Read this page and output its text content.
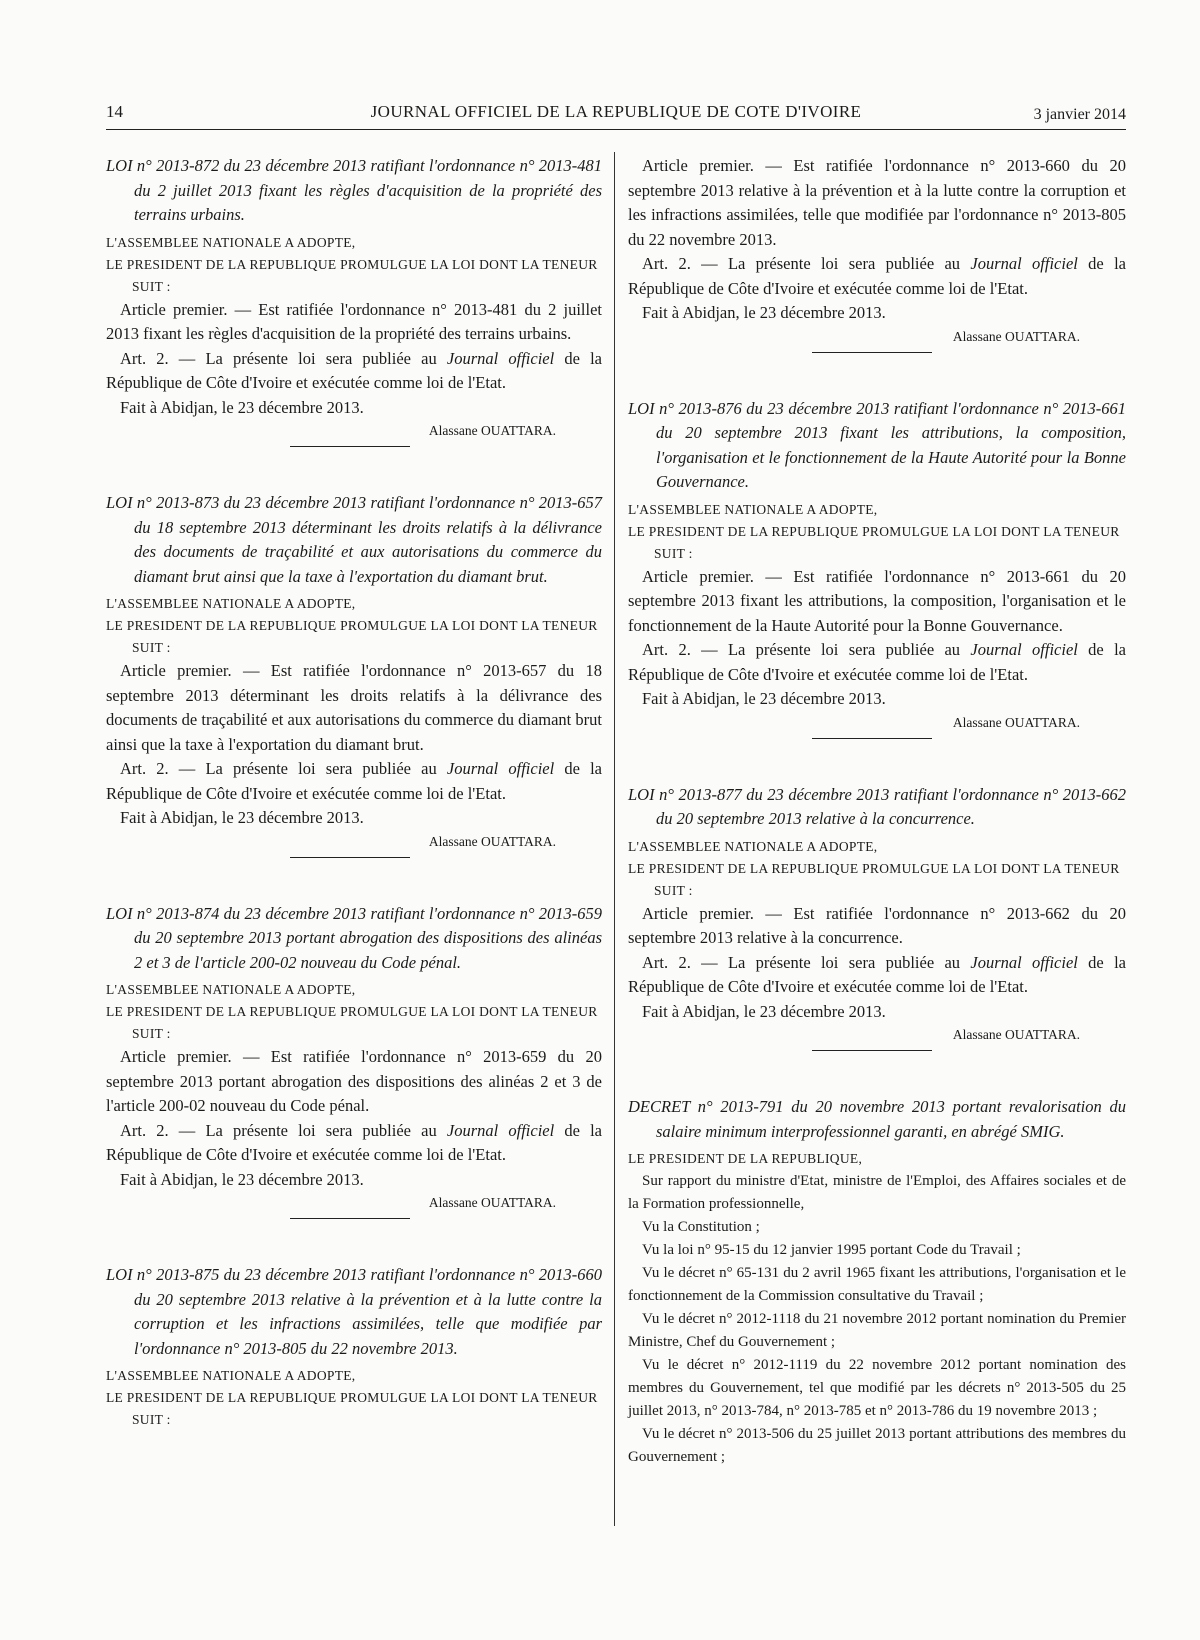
14	JOURNAL OFFICIEL DE LA REPUBLIQUE DE COTE D'IVOIRE	3 janvier 2014

LOI n° 2013-872 du 23 décembre 2013 ratifiant l'ordonnance n° 2013-481 du 2 juillet 2013 fixant les règles d'acquisition de la propriété des terrains urbains.

L'ASSEMBLEE NATIONALE A ADOPTE,

LE PRESIDENT DE LA REPUBLIQUE PROMULGUE LA LOI DONT LA TENEUR SUIT :

Article premier. — Est ratifiée l'ordonnance n° 2013-481 du 2 juillet 2013 fixant les règles d'acquisition de la propriété des terrains urbains.

Art. 2. — La présente loi sera publiée au Journal officiel de la République de Côte d'Ivoire et exécutée comme loi de l'Etat.

Fait à Abidjan, le 23 décembre 2013.

Alassane OUATTARA.

LOI n° 2013-873 du 23 décembre 2013 ratifiant l'ordonnance n° 2013-657 du 18 septembre 2013 déterminant les droits relatifs à la délivrance des documents de traçabilité et aux autorisations du commerce du diamant brut ainsi que la taxe à l'exportation du diamant brut.

L'ASSEMBLEE NATIONALE A ADOPTE,

LE PRESIDENT DE LA REPUBLIQUE PROMULGUE LA LOI DONT LA TENEUR SUIT :

Article premier. — Est ratifiée l'ordonnance n° 2013-657 du 18 septembre 2013 déterminant les droits relatifs à la délivrance des documents de traçabilité et aux autorisations du commerce du diamant brut ainsi que la taxe à l'exportation du diamant brut.

Art. 2. — La présente loi sera publiée au Journal officiel de la République de Côte d'Ivoire et exécutée comme loi de l'Etat.

Fait à Abidjan, le 23 décembre 2013.

Alassane OUATTARA.

LOI n° 2013-874 du 23 décembre 2013 ratifiant l'ordonnance n° 2013-659 du 20 septembre 2013 portant abrogation des dispositions des alinéas 2 et 3 de l'article 200-02 nouveau du Code pénal.

L'ASSEMBLEE NATIONALE A ADOPTE,

LE PRESIDENT DE LA REPUBLIQUE PROMULGUE LA LOI DONT LA TENEUR SUIT :

Article premier. — Est ratifiée l'ordonnance n° 2013-659 du 20 septembre 2013 portant abrogation des dispositions des alinéas 2 et 3 de l'article 200-02 nouveau du Code pénal.

Art. 2. — La présente loi sera publiée au Journal officiel de la République de Côte d'Ivoire et exécutée comme loi de l'Etat.

Fait à Abidjan, le 23 décembre 2013.

Alassane OUATTARA.

LOI n° 2013-875 du 23 décembre 2013 ratifiant l'ordonnance n° 2013-660 du 20 septembre 2013 relative à la prévention et à la lutte contre la corruption et les infractions assimilées, telle que modifiée par l'ordonnance n° 2013-805 du 22 novembre 2013.

L'ASSEMBLEE NATIONALE A ADOPTE,

LE PRESIDENT DE LA REPUBLIQUE PROMULGUE LA LOI DONT LA TENEUR SUIT :

Article premier. — Est ratifiée l'ordonnance n° 2013-660 du 20 septembre 2013 relative à la prévention et à la lutte contre la corruption et les infractions assimilées, telle que modifiée par l'ordonnance n° 2013-805 du 22 novembre 2013.

Art. 2. — La présente loi sera publiée au Journal officiel de la République de Côte d'Ivoire et exécutée comme loi de l'Etat.

Fait à Abidjan, le 23 décembre 2013.

Alassane OUATTARA.

LOI n° 2013-876 du 23 décembre 2013 ratifiant l'ordonnance n° 2013-661 du 20 septembre 2013 fixant les attributions, la composition, l'organisation et le fonctionnement de la Haute Autorité pour la Bonne Gouvernance.

L'ASSEMBLEE NATIONALE A ADOPTE,

LE PRESIDENT DE LA REPUBLIQUE PROMULGUE LA LOI DONT LA TENEUR SUIT :

Article premier. — Est ratifiée l'ordonnance n° 2013-661 du 20 septembre 2013 fixant les attributions, la composition, l'organisation et le fonctionnement de la Haute Autorité pour la Bonne Gouvernance.

Art. 2. — La présente loi sera publiée au Journal officiel de la République de Côte d'Ivoire et exécutée comme loi de l'Etat.

Fait à Abidjan, le 23 décembre 2013.

Alassane OUATTARA.

LOI n° 2013-877 du 23 décembre 2013 ratifiant l'ordonnance n° 2013-662 du 20 septembre 2013 relative à la concurrence.

L'ASSEMBLEE NATIONALE A ADOPTE,

LE PRESIDENT DE LA REPUBLIQUE PROMULGUE LA LOI DONT LA TENEUR SUIT :

Article premier. — Est ratifiée l'ordonnance n° 2013-662 du 20 septembre 2013 relative à la concurrence.

Art. 2. — La présente loi sera publiée au Journal officiel de la République de Côte d'Ivoire et exécutée comme loi de l'Etat.

Fait à Abidjan, le 23 décembre 2013.

Alassane OUATTARA.

DECRET n° 2013-791 du 20 novembre 2013 portant revalorisation du salaire minimum interprofessionnel garanti, en abrégé SMIG.

LE PRESIDENT DE LA REPUBLIQUE,

Sur rapport du ministre d'Etat, ministre de l'Emploi, des Affaires sociales et de la Formation professionnelle,

Vu la Constitution ;

Vu la loi n° 95-15 du 12 janvier 1995 portant Code du Travail ;

Vu le décret n° 65-131 du 2 avril 1965 fixant les attributions, l'organisation et le fonctionnement de la Commission consultative du Travail ;

Vu le décret n° 2012-1118 du 21 novembre 2012 portant nomination du Premier Ministre, Chef du Gouvernement ;

Vu le décret n° 2012-1119 du 22 novembre 2012 portant nomination des membres du Gouvernement, tel que modifié par les décrets n° 2013-505 du 25 juillet 2013, n° 2013-784, n° 2013-785 et n° 2013-786 du 19 novembre 2013 ;

Vu le décret n° 2013-506 du 25 juillet 2013 portant attributions des membres du Gouvernement ;
